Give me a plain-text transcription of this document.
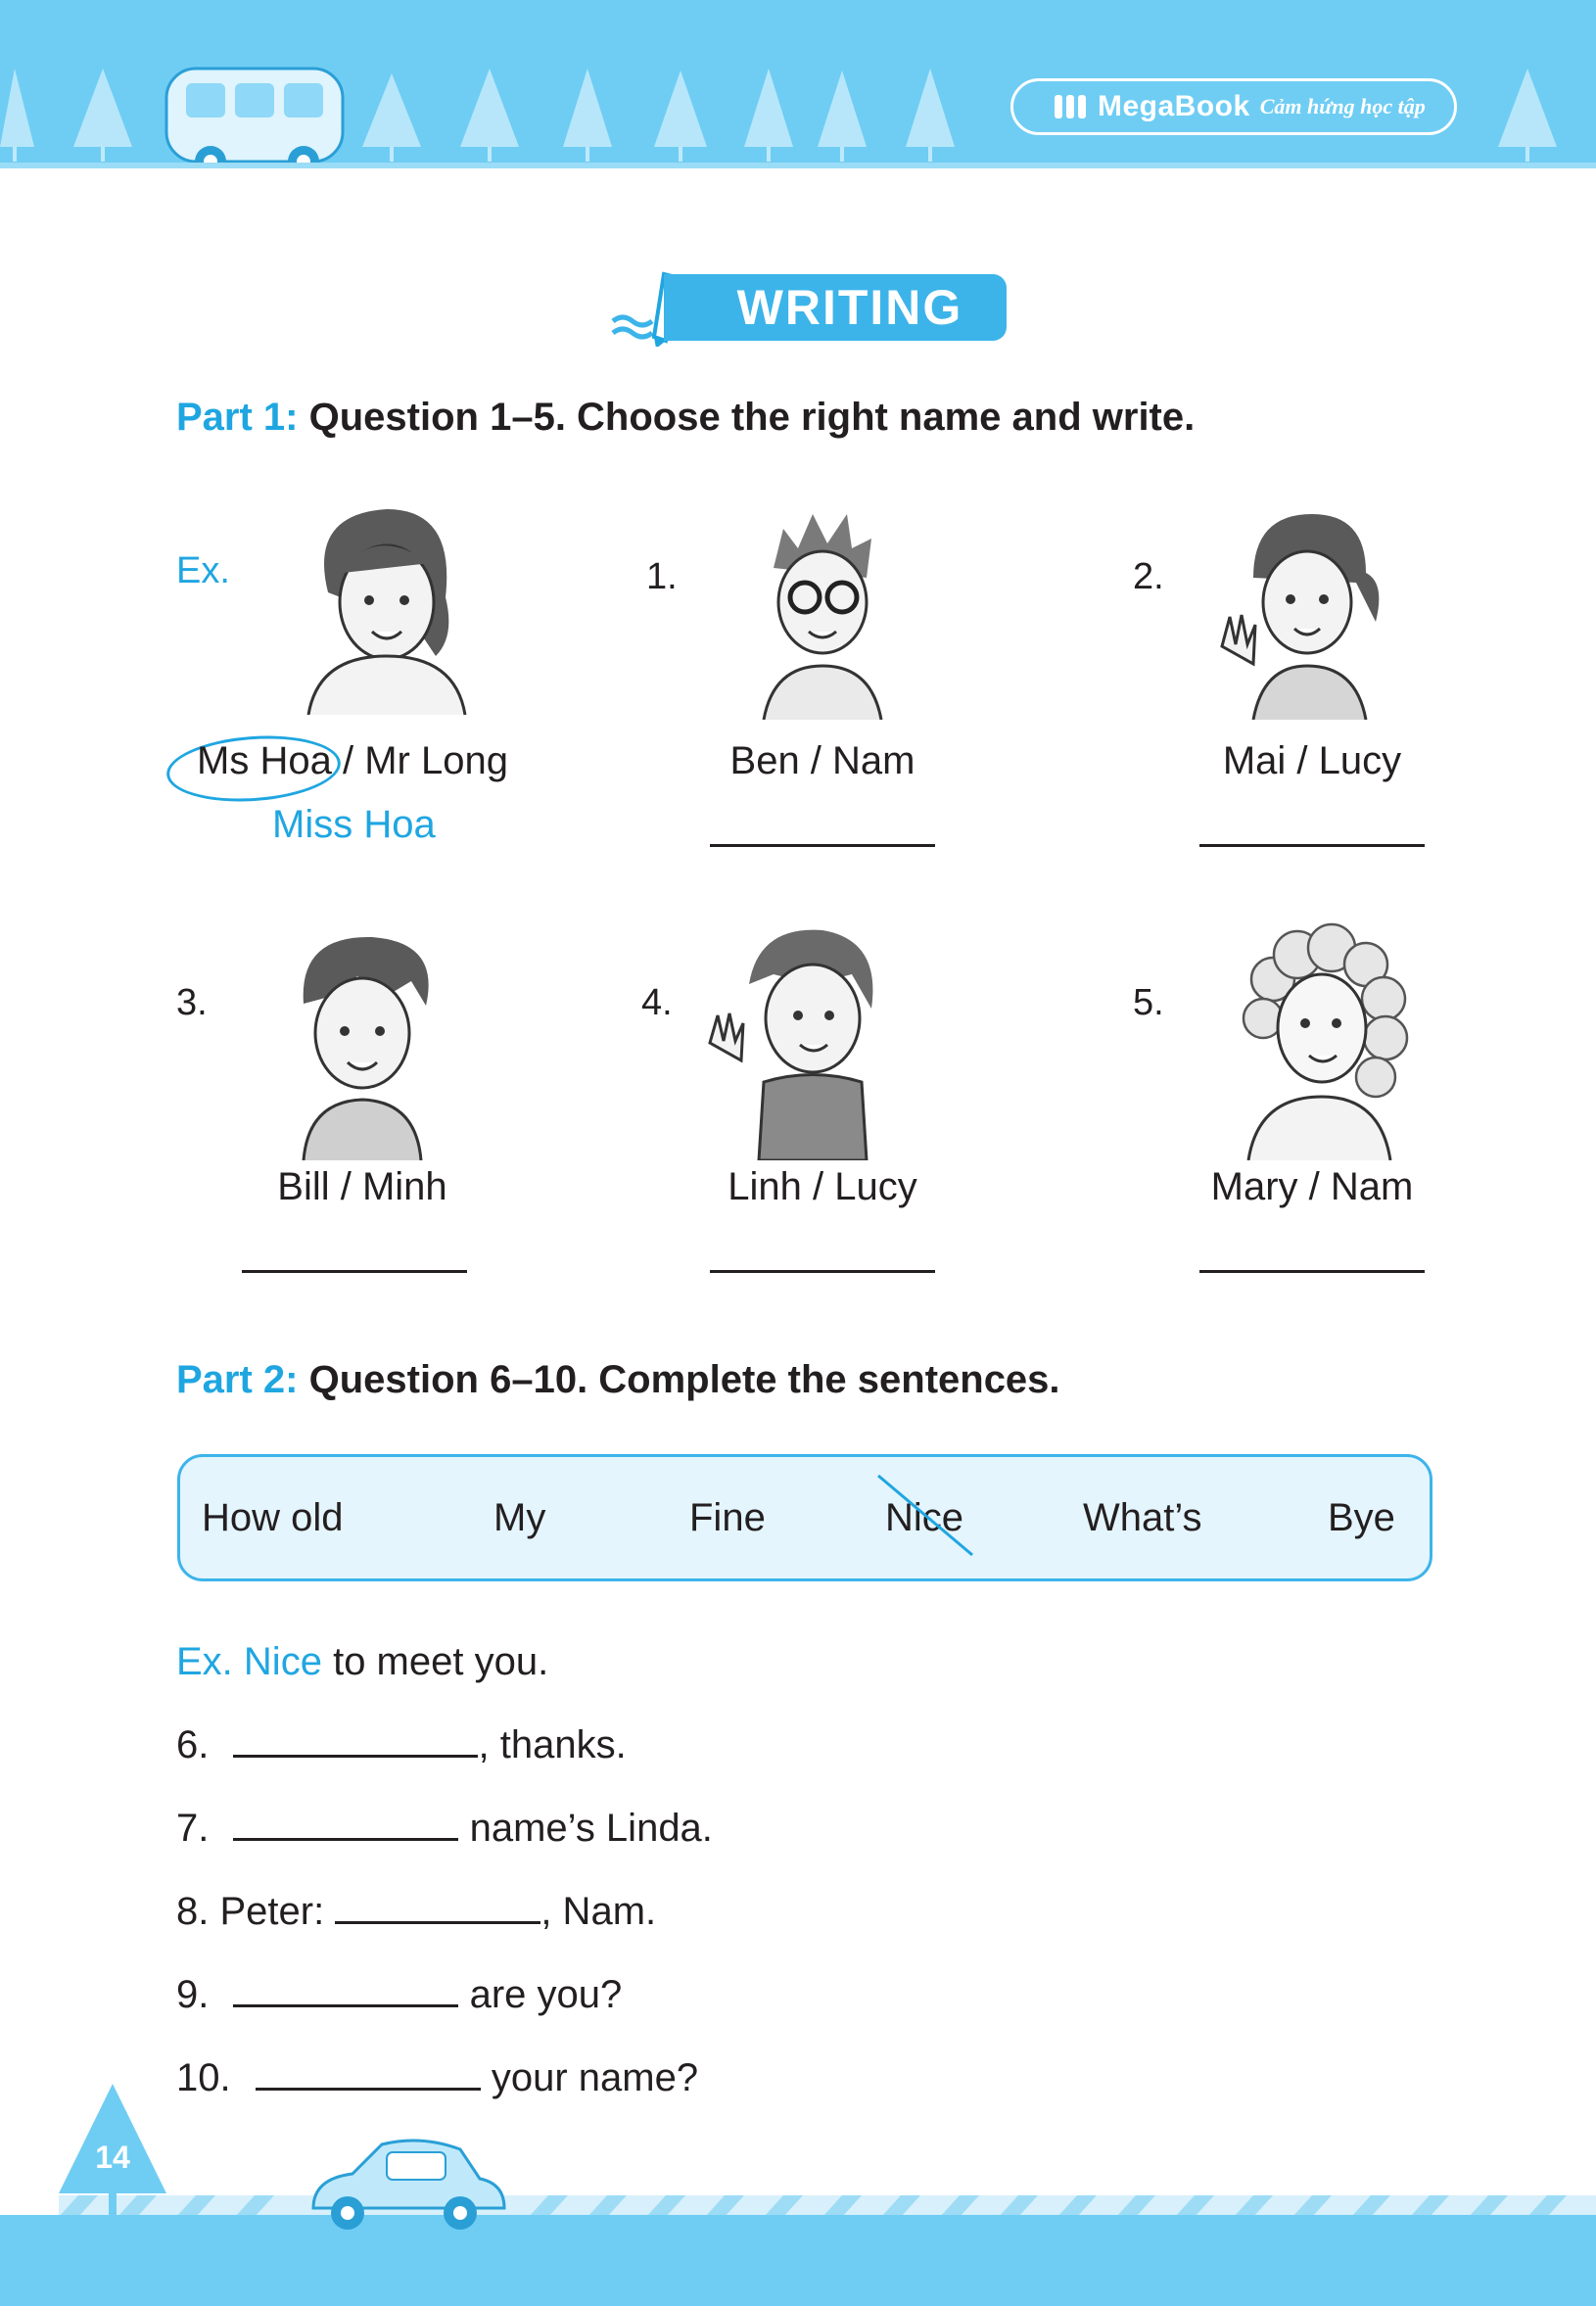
MegaBook Cảm hứng học tập
WRITING
Part 1: Question 1–5. Choose the right name and write.
Ex.
Ms Hoa / Mr Long
Miss Hoa
1.
Ben / Nam
2.
Mai / Lucy
3.
Bill / Minh
4.
Linh / Lucy
5.
Mary / Nam
Part 2: Question 6–10. Complete the sentences.
How old	My	Fine	Nice	What’s	Bye
Ex. Nice to meet you.
6.	, thanks.
7.	name’s Linda.
8. Peter:	, Nam.
9.	are you?
10.	your name?
14
